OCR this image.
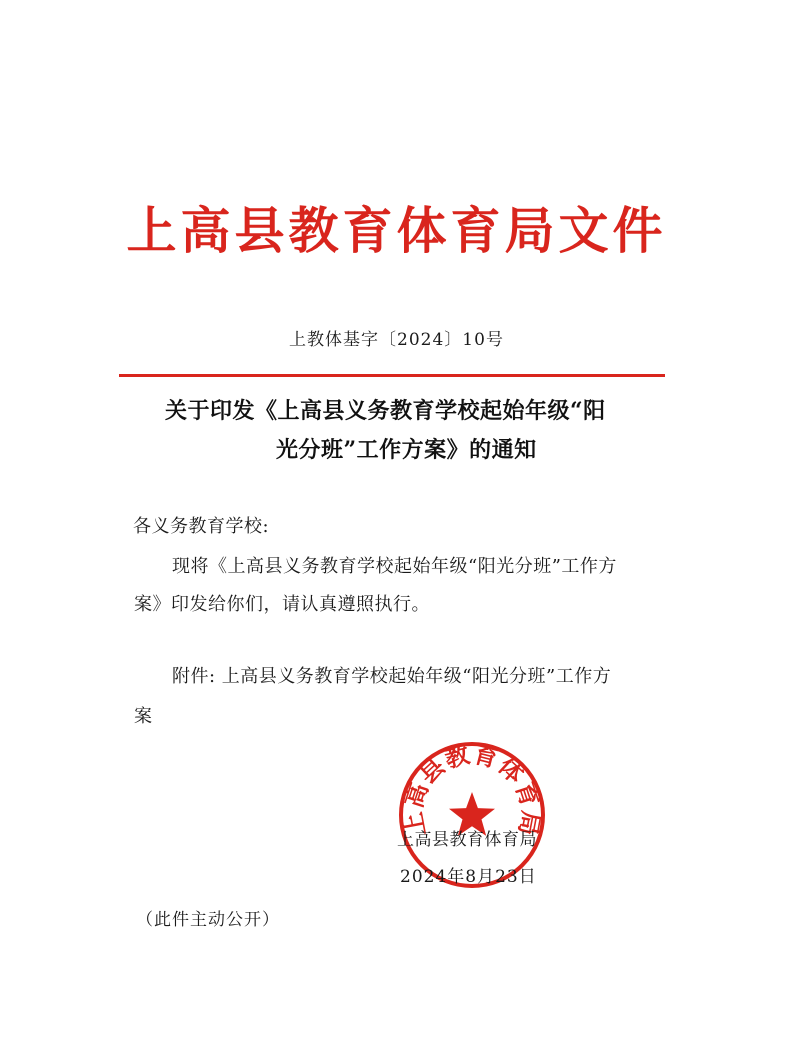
上高县教育体育局文件
上教体基字〔2024〕10号
关于印发《上高县义务教育学校起始年级“阳
光分班”工作方案》的通知
各义务教育学校:
现将《上高县义务教育学校起始年级“阳光分班”工作方
案》印发给你们，请认真遵照执行。
附件: 上高县义务教育学校起始年级“阳光分班”工作方
案
上高县教育体育局
上高县教育体育局
2024年8月23日
（此件主动公开）
